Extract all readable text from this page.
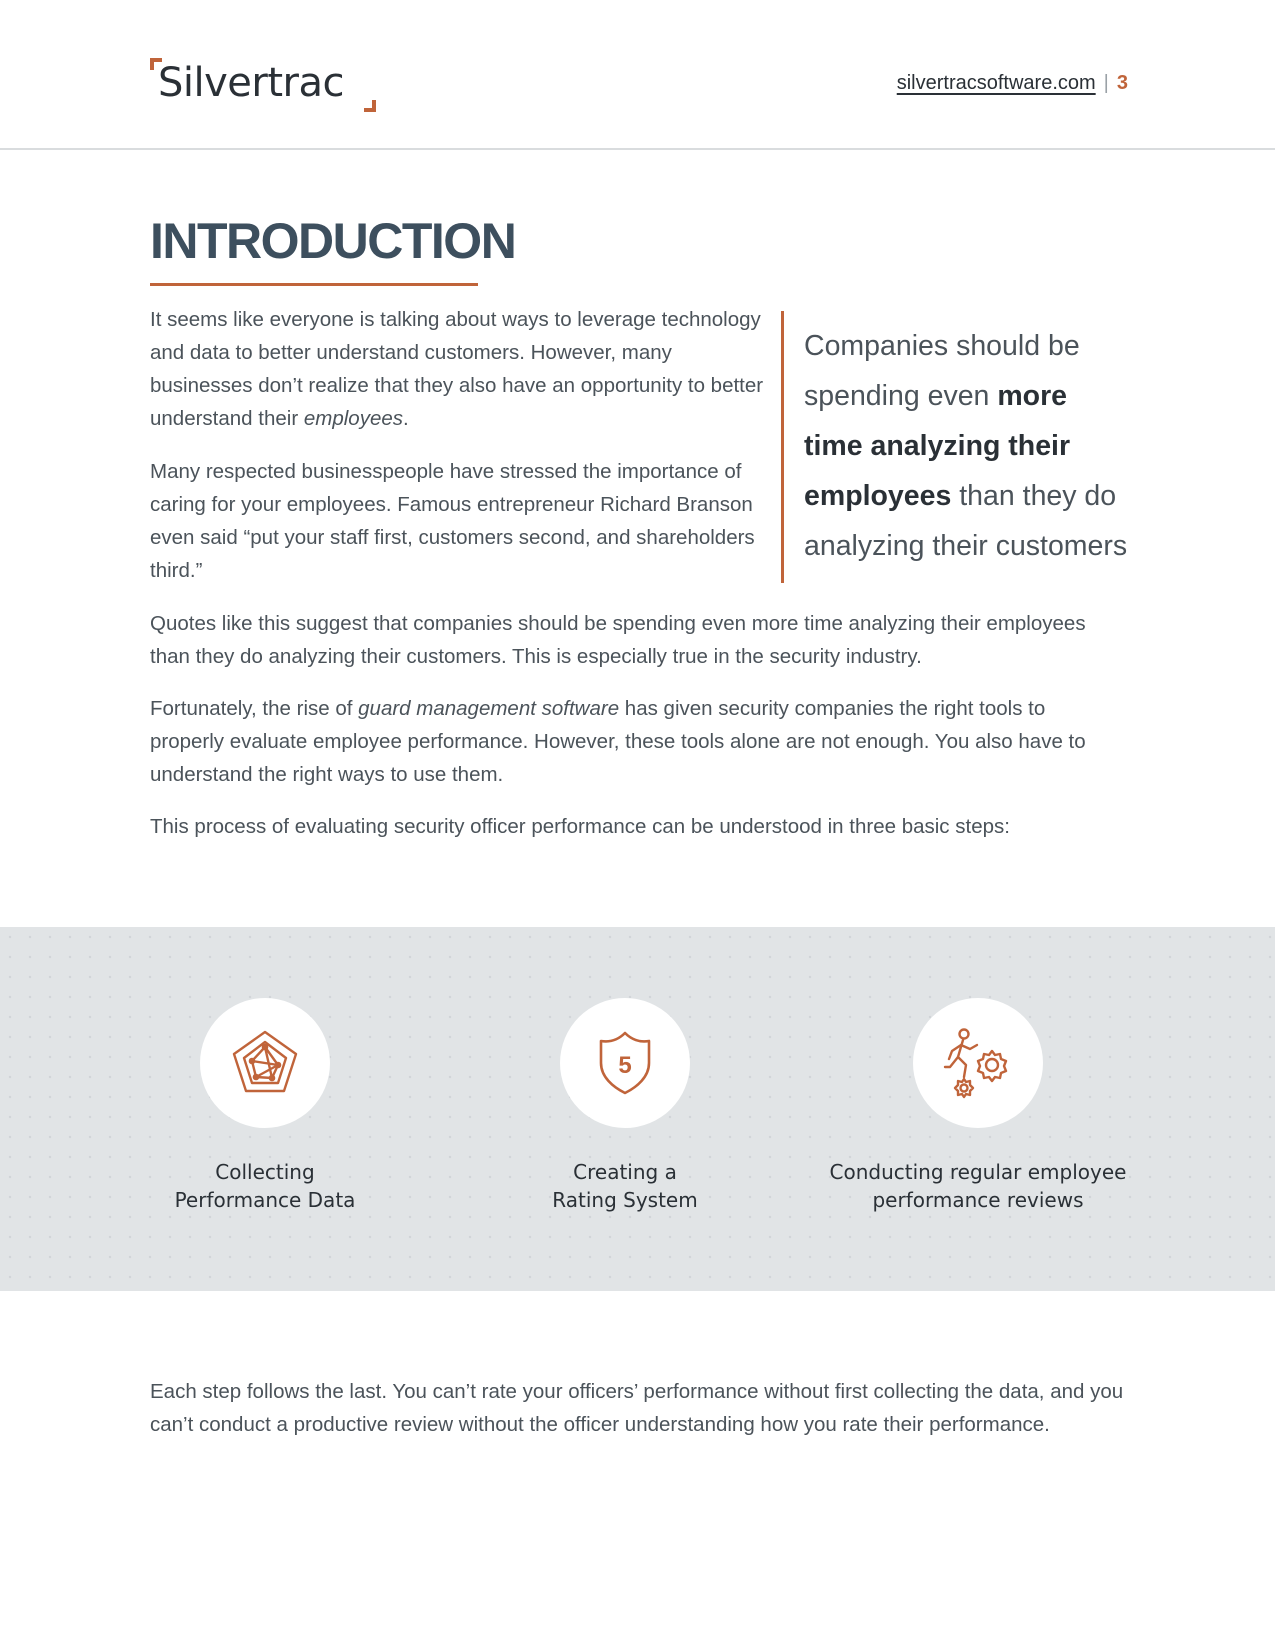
Silvertrac	silvertracsoftware.com | 3
INTRODUCTION

It seems like everyone is talking about ways to leverage technology and data to better understand customers. However, many businesses don’t realize that they also have an opportunity to better understand their employees.

Many respected businesspeople have stressed the importance of caring for your employees. Famous entrepreneur Richard Branson even said “put your staff first, customers second, and shareholders third.”

Companies should be spending even more time analyzing their employees than they do analyzing their customers

Quotes like this suggest that companies should be spending even more time analyzing their employees than they do analyzing their customers. This is especially true in the security industry.

Fortunately, the rise of guard management software has given security companies the right tools to properly evaluate employee performance. However, these tools alone are not enough. You also have to understand the right ways to use them.

This process of evaluating security officer performance can be understood in three basic steps:

Collecting
Performance Data
5
Creating a
Rating System
Conducting regular employee
performance reviews

Each step follows the last. You can’t rate your officers’ performance without first collecting the data, and you can’t conduct a productive review without the officer understanding how you rate their performance.
